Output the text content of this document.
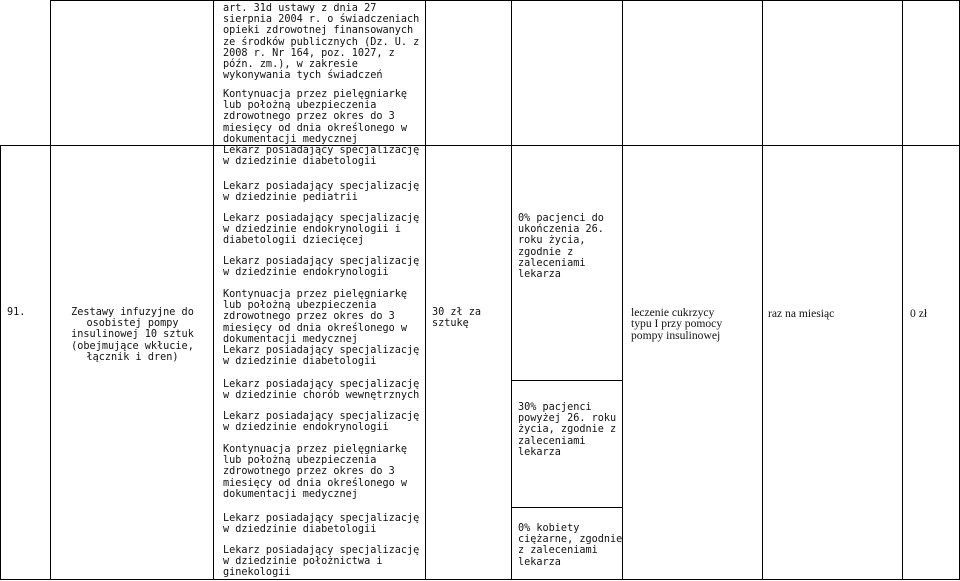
art. 31d ustawy z dnia 27
sierpnia 2004 r. o świadczeniach
opieki zdrowotnej finansowanych
ze środków publicznych (Dz. U. z
2008 r. Nr 164, poz. 1027, z
późn. zm.), w zakresie
wykonywania tych świadczeń
91.	Zestawy infuzyjne do
osobistej pompy
insulinowej 10 sztuk
(obejmujące wkłucie,
łącznik i dren)
Kontynuacja przez pielęgniarkę
lub położną ubezpieczenia
zdrowotnego przez okres do 3
miesięcy od dnia określonego w
dokumentacji medycznej
Lekarz posiadający specjalizację
w dziedzinie diabetologii
Lekarz posiadający specjalizację
w dziedzinie pediatrii
Lekarz posiadający specjalizację
w dziedzinie endokrynologii i
diabetologii dziecięcej
Lekarz posiadający specjalizację
w dziedzinie endokrynologii
Kontynuacja przez pielęgniarkę
lub położną ubezpieczenia
zdrowotnego przez okres do 3
miesięcy od dnia określonego w
dokumentacji medycznej
Lekarz posiadający specjalizację
w dziedzinie diabetologii
Lekarz posiadający specjalizację
w dziedzinie chorób wewnętrznych
Lekarz posiadający specjalizację
w dziedzinie endokrynologii
Kontynuacja przez pielęgniarkę
lub położną ubezpieczenia
zdrowotnego przez okres do 3
miesięcy od dnia określonego w
dokumentacji medycznej
Lekarz posiadający specjalizację
w dziedzinie diabetologii
Lekarz posiadający specjalizację
w dziedzinie położnictwa i
ginekologii
30 zł za
sztukę
0% pacjenci do
ukończenia 26.
roku życia,
zgodnie z
zaleceniami
lekarza
30% pacjenci
powyżej 26. roku
życia, zgodnie z
zaleceniami
lekarza
0% kobiety
ciężarne, zgodnie
z zaleceniami
lekarza
leczenie cukrzycy
typu I przy pomocy
pompy insulinowej
raz na miesiąc	0 zł
